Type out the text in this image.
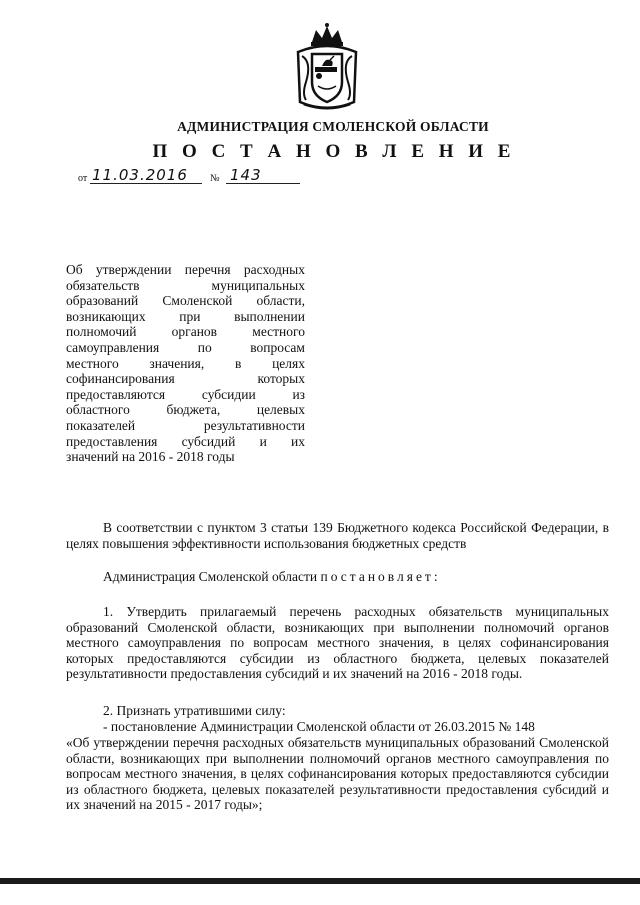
АДМИНИСТРАЦИЯ СМОЛЕНСКОЙ ОБЛАСТИ
П О С Т А Н О В Л Е Н И Е
от 11.03.2016 № 143
Об утверждении перечня расходных
обязательств	муниципальных
образований Смоленской области,
возникающих при выполнении
полномочий	органов	местного
самоуправления	по	вопросам
местного значения, в целях
софинансирования	которых
предоставляются	субсидии	из
областного	бюджета,	целевых
показателей	результативности
предоставления субсидий и их
значений на 2016 - 2018 годы
В соответствии с пунктом 3 статьи 139 Бюджетного кодекса Российской Федерации, в целях повышения эффективности использования бюджетных средств
Администрация Смоленской области постановляет:
1. Утвердить прилагаемый перечень расходных обязательств муниципальных образований Смоленской области, возникающих при выполнении полномочий органов местного самоуправления по вопросам местного значения, в целях софинансирования которых предоставляются субсидии из областного бюджета, целевых показателей результативности предоставления субсидий и их значений на 2016 - 2018 годы.
2. Признать утратившими силу:
- постановление Администрации Смоленской области от 26.03.2015 № 148
«Об утверждении перечня расходных обязательств муниципальных образований Смоленской области, возникающих при выполнении полномочий органов местного самоуправления по вопросам местного значения, в целях софинансирования которых предоставляются субсидии из областного бюджета, целевых показателей результативности предоставления субсидий и их значений на 2015 - 2017 годы»;
